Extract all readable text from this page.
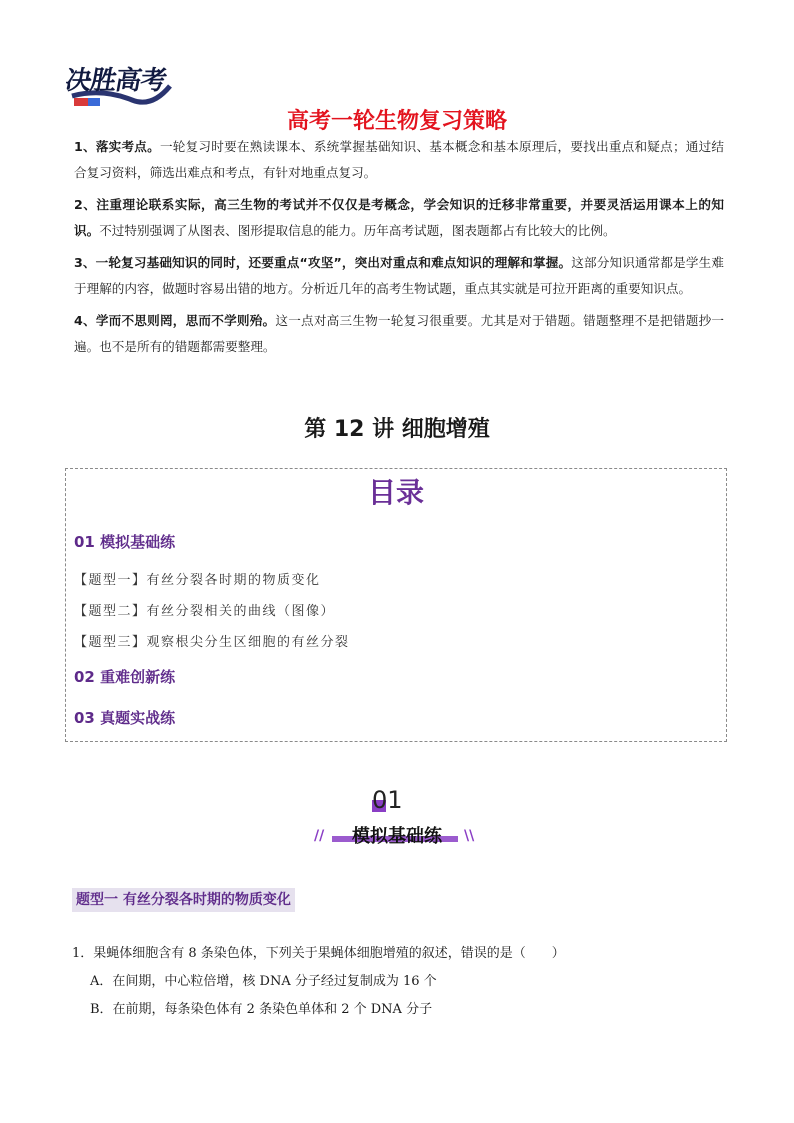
决胜高考
高考一轮生物复习策略

1、落实考点。一轮复习时要在熟读课本、系统掌握基础知识、基本概念和基本原理后，要找出重点和疑点；通过结合复习资料，筛选出难点和考点，有针对地重点复习。

2、注重理论联系实际，高三生物的考试并不仅仅是考概念，学会知识的迁移非常重要，并要灵活运用课本上的知识。不过特别强调了从图表、图形提取信息的能力。历年高考试题，图表题都占有比较大的比例。

3、一轮复习基础知识的同时，还要重点“攻坚”，突出对重点和难点知识的理解和掌握。这部分知识通常都是学生难于理解的内容，做题时容易出错的地方。分析近几年的高考生物试题，重点其实就是可拉开距离的重要知识点。

4、学而不思则罔，思而不学则殆。这一点对高三生物一轮复习很重要。尤其是对于错题。错题整理不是把错题抄一遍。也不是所有的错题都需要整理。

第 12 讲 细胞增殖
目录
01 模拟基础练
【题型一】有丝分裂各时期的物质变化
【题型二】有丝分裂相关的曲线（图像）
【题型三】观察根尖分生区细胞的有丝分裂
02 重难创新练
03 真题实战练
01
//	模拟基础练	\\
题型一 有丝分裂各时期的物质变化
1．果蝇体细胞含有 8 条染色体，下列关于果蝇体细胞增殖的叙述，错误的是（　　）
A．在间期，中心粒倍增，核 DNA 分子经过复制成为 16 个
B．在前期，每条染色体有 2 条染色单体和 2 个 DNA 分子
